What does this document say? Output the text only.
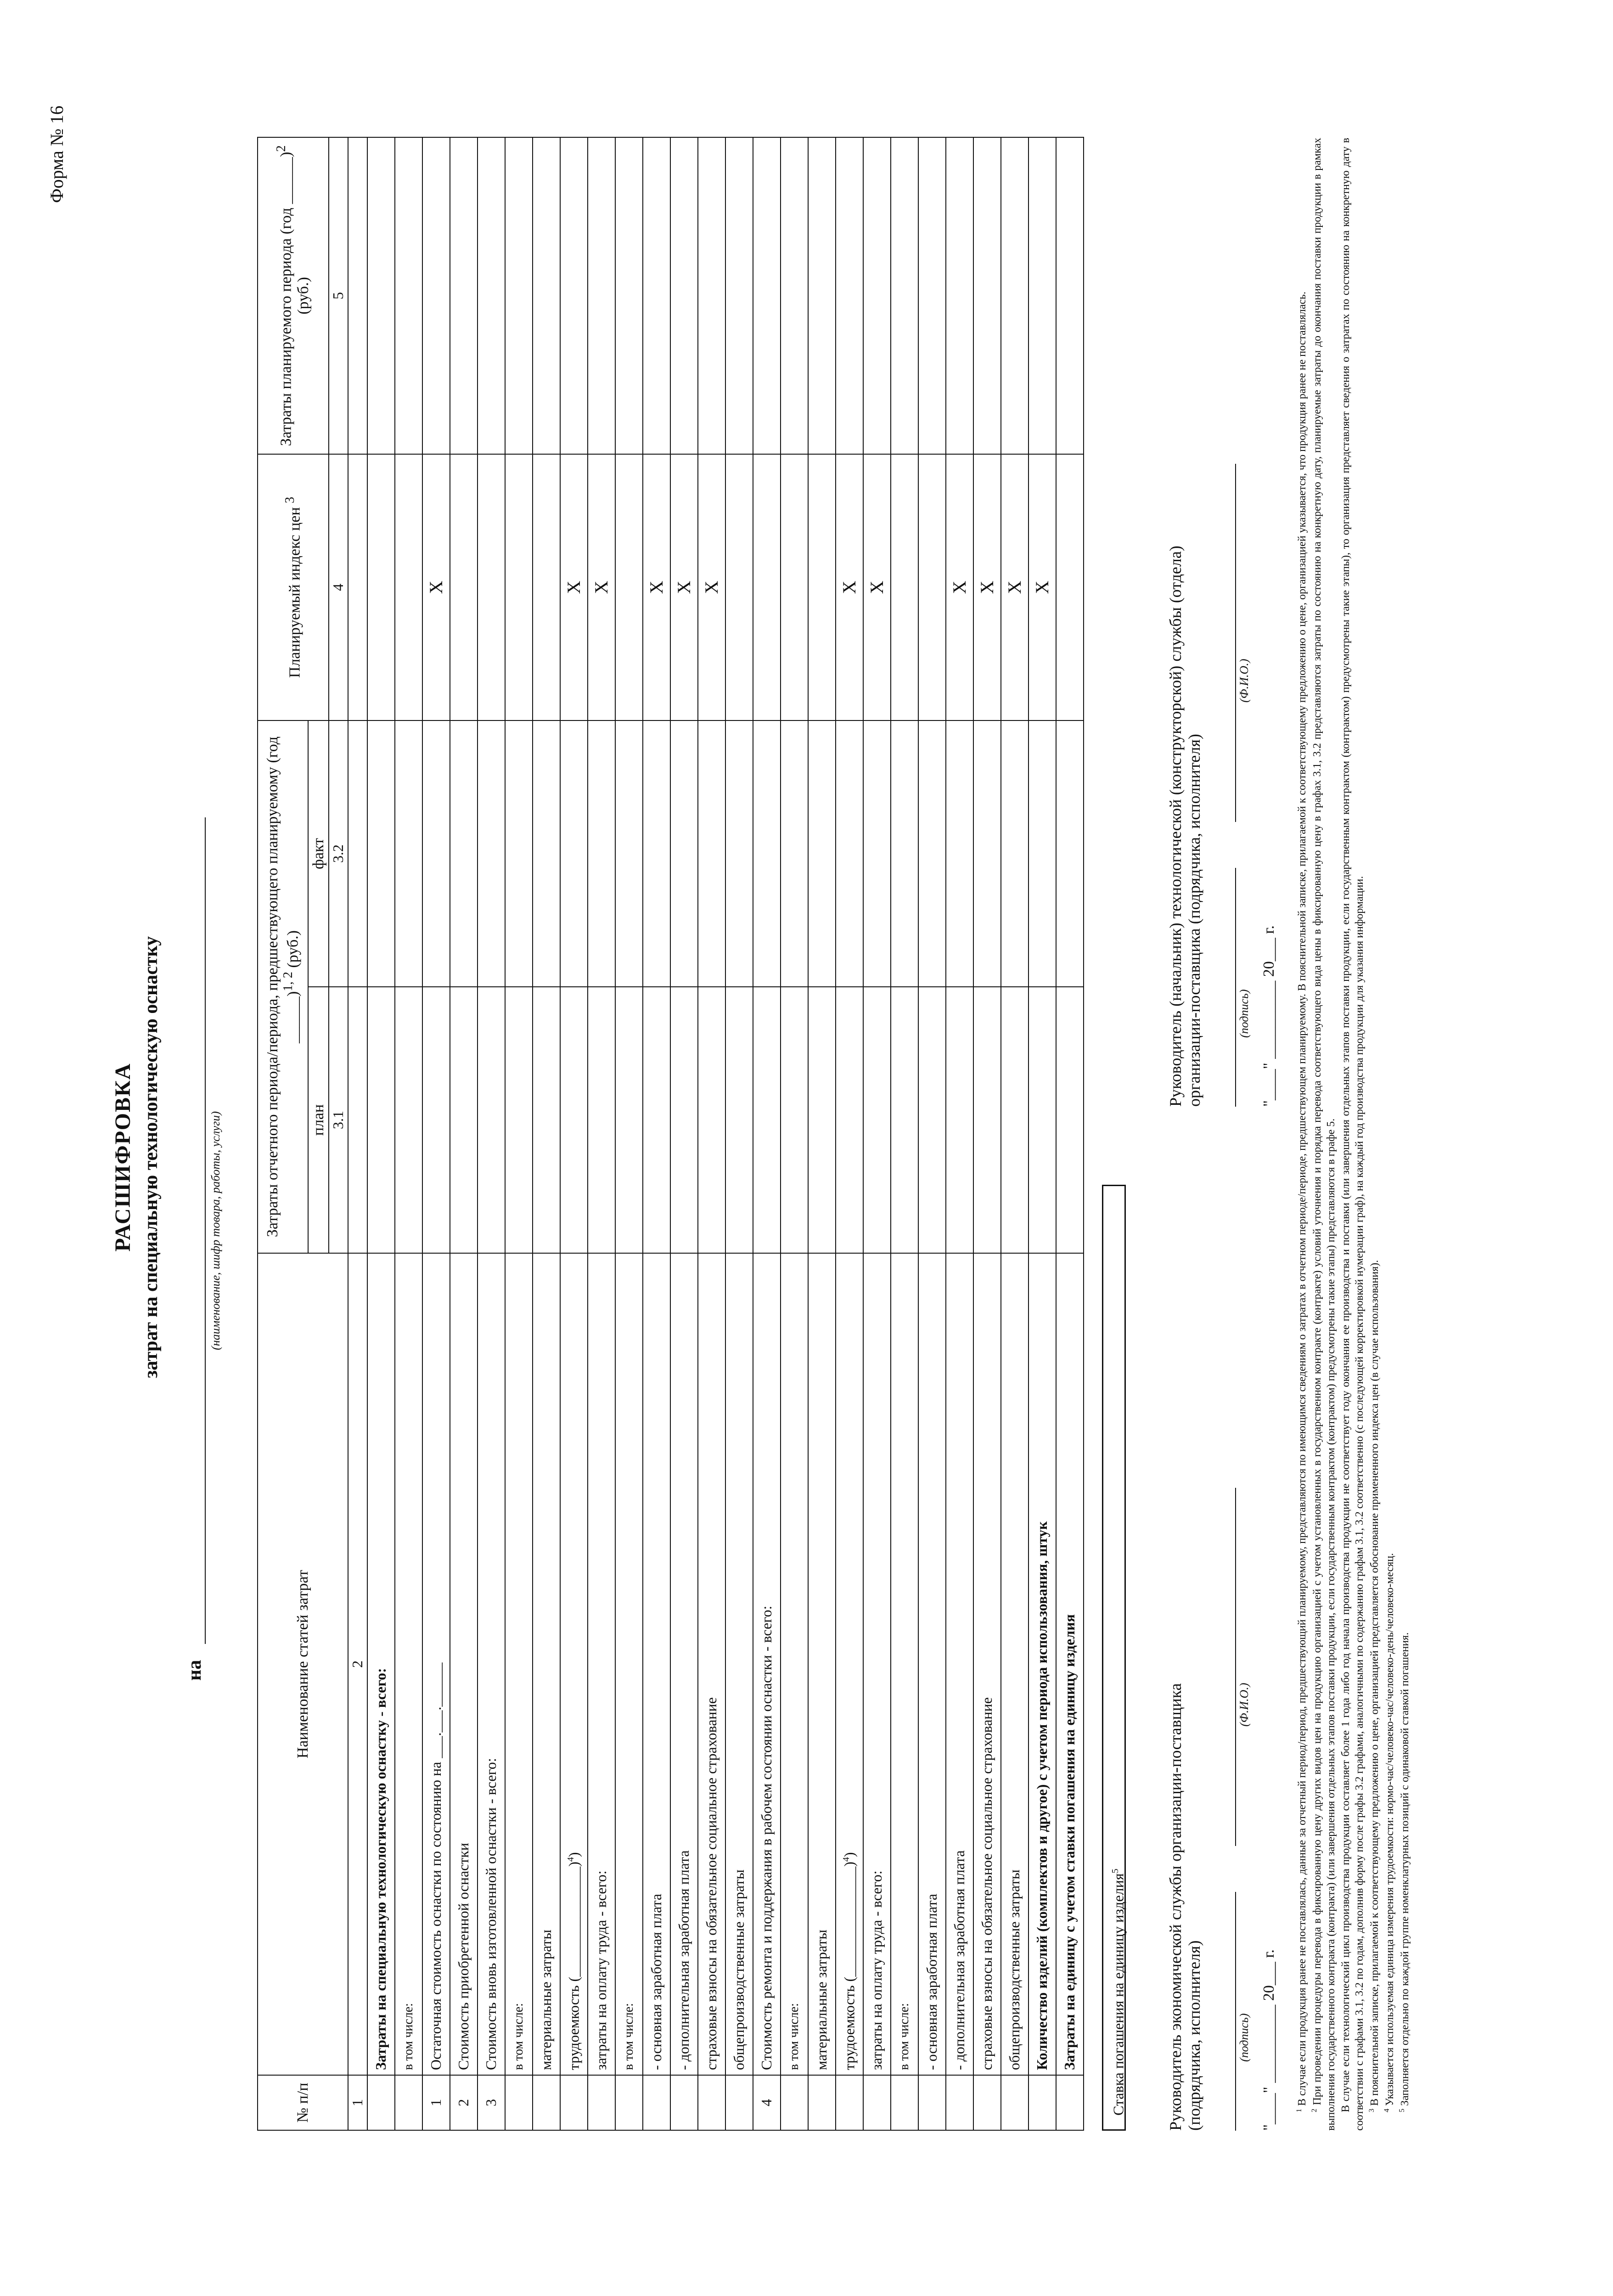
Форма № 16
РАСШИФРОВКА затрат на специальную технологическую оснастку
на
(наименование, шифр товара, работы, услуги)
№ п/п	Наименование статей затрат	Затраты отчетного периода/периода, предшествующего планируемому (год ______)$^{1, 2}$ (руб.)		Планируемый индекс цен $^3$	Затраты планируемого периода (год ______)$^2$ (руб.)
		план	факт		
		3.1	3.2	4	5
1	2				
	Затраты на специальную технологическую оснастку - всего:				
	в том числе:				
1	Остаточная стоимость оснастки по состоянию на ___.___.______			X	
2	Стоимость приобретенной оснастки				
3	Стоимость вновь изготовленной оснастки - всего:				
	в том числе:				
	материальные затраты				
	трудоемкость (_______________)$^4$)			X	
	затраты на оплату труда - всего:			X	
	в том числе:				
	- основная заработная плата			X	
	- дополнительная заработная плата			X	
	страховые взносы на обязательное социальное страхование			X	
	общепроизводственные затраты				
4	Стоимость ремонта и поддержания в рабочем состоянии оснастки - всего:				
	в том числе:				
	материальные затраты				
	трудоемкость (_______________)$^4$)			X	
	затраты на оплату труда - всего:			X	
	в том числе:				
	- основная заработная плата				
	- дополнительная заработная плата			X	
	страховые взносы на обязательное социальное страхование			X	
	общепроизводственные затраты			X	
	Количество изделий (комплектов и другое) с учетом периода использования, штук			X	
	Затраты на единицу с учетом ставки погашения на единицу изделия					Ставка погашения на единицу изделия$^5$	Руководитель экономической службы организации-поставщика (подрядчика, исполнителя)	(подпись)
(Ф.И.О.)
"____" __________ 20___ г.
Руководитель (начальник) технологической (конструкторской) службы (отдела) организации-поставщика (подрядчика, исполнителя)	(подпись)
(Ф.И.О.)
"____" __________ 20___ г.

$^1$ В случае если продукция ранее не поставлялась, данные за отчетный период/период, предшествующий планируемому, представляются по имеющимся сведениям о затратах в отчетном периоде/периоде, предшествующем планируемому. В пояснительной записке, прилагаемой к соответствующему предложению о цене, организацией указывается, что продукция ранее не поставлялась.

$^2$ При проведении процедуры перевода в фиксированную цену других видов цен на продукцию организацией с учетом установленных в государственном контракте (контракте) условий уточнения и порядка перевода соответствующего вида цены в фиксированную цену в графах 3.1, 3.2 представляются затраты по состоянию на конкретную дату, планируемые затраты до окончания поставки продукции в рамках выполнения государственного контракта (контракта) (или завершения отдельных этапов поставки продукции, если государственным контрактом (контрактом) предусмотрены такие этапы) представляются в графе 5. В случае если технологический цикл производства продукции составляет более 1 года либо год начала производства продукции не соответствует году окончания ее производства и поставки (или завершения отдельных этапов поставки продукции, если государственным контрактом (контрактом) предусмотрены такие этапы), то организация представляет сведения о затратах по состоянию на конкретную дату в соответствии с графами 3.1, 3.2 по годам, дополнив форму после графы 3.2 графами, аналогичными по содержанию графам 3.1, 3.2 соответственно (с последующей корректировкой нумерации граф), на каждый год производства продукции для указания информации. $^3$ В пояснительной записке, прилагаемой к соответствующему предложению о цене, организацией представляется обоснование примененного индекса цен (в случае использования).

$^4$ Указывается используемая единица измерения трудоемкости: нормо-час/человеко-час/человеко-день/человеко-месяц.

$^5$ Заполняется отдельно по каждой группе номенклатурных позиций с одинаковой ставкой погашения.
